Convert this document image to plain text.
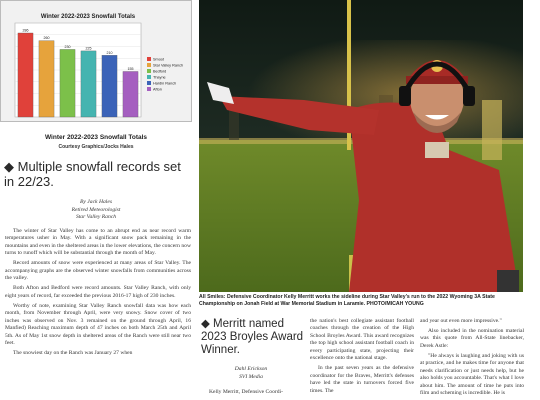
Winter 2022-2023 Snowfall Totals
286
260
230	225
210
155
Smoot
Star Valley Ranch
Bedford
Thayne
Hardin Ranch
Afton
Winter 2022-2023 Snowfall Totals
Courtesy Graphics/Jocks Hales
◆ Multiple snowfall records set in 22/23.
By Jack Hales
Retired Meteorologist
Star Valley Ranch

The winter of Star Valley has come to an abrupt end as near record warm temperatures usher in May. With a significant snow pack remaining in the mountains and even in the sheltered areas in the lower elevations, the concern now turns to runoff which will be substantial through the month of May.

Record amounts of snow were experienced at many areas of Star Valley. The accompanying graphs are the observed winter snowfalls from communities across the valley.

Both Afton and Bedford were record amounts. Star Valley Ranch, with only eight years of record, far exceeded the previous 2016-17 high of 230 inches.

Worthy of note, examining Star Valley Ranch snowfall data was how each month, from November through April, were very snowy. Snow cover of two inches was observed on Nov. 3 remained on the ground through April, 16 Manfied) Reaching maximum depth of 47 inches on both March 25th and April 5th. As of May 1st snow depth in sheltered areas of the Ranch were still near two feet.

The snowiest day on the Ranch was January 27 when

All Smiles: Defensive Coordinator Kelly Merritt works the sideline during Star Valley's run to the 2022 Wyoming 3A State Championship on Jonah Field at War Memorial Stadium in Laramie. PHOTO/MICAH YOUNG
◆ Merritt named 2023 Broyles Award Winner.
Dahl Erickson
SVI Media

Kelly Merritt, Defensive Coordi-

the nation's best collegiate assistant football coaches through the creation of the High School Broyles Award. This award recognizes the top high school assistant football coach in every participating state, projecting their excellence onto the national stage.

In the past seven years as the defensive coordinator for the Braves, Merritt's defenses have led the state in turnovers forced five times. The

and year out even more impressive."

Also included in the nomination material was this quote from All-State linebacker, Derek Astle:

"He always is laughing and joking with us at practice, and he makes time for anyone that needs clarification or just needs help, but he also holds you accountable. That's what I love about him. The amount of time he puts into film and scheming is incredible. He is
